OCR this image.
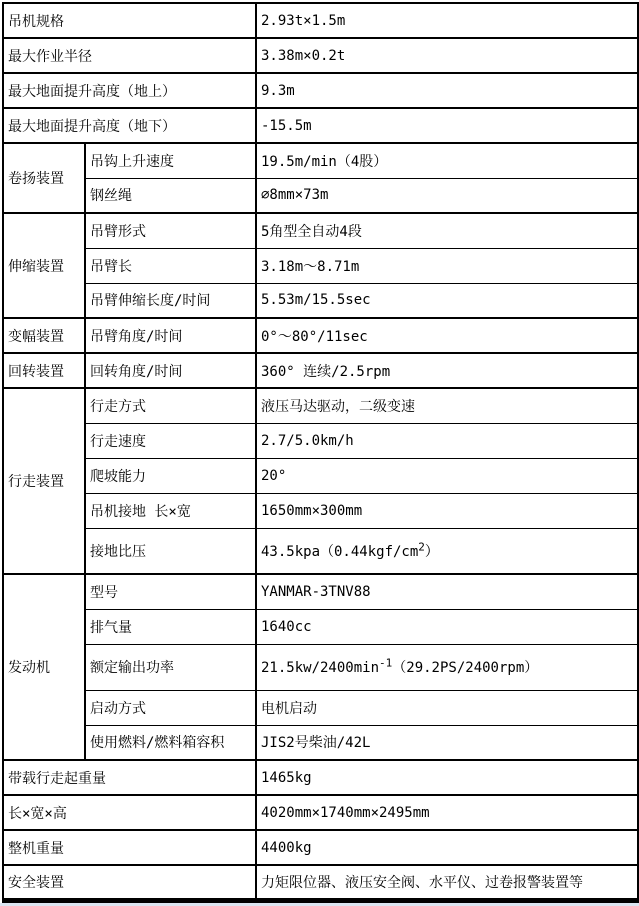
吊机规格		2.93t×1.5m
最大作业半径		3.38m×0.2t
最大地面提升高度（地上）		9.3m
最大地面提升高度（地下）		-15.5m
卷扬装置	吊钩上升速度	19.5m/min（4股）
	钢丝绳	∅8mm×73m
伸缩装置	吊臂形式	5角型全自动4段
	吊臂长	3.18m～8.71m
	吊臂伸缩长度/时间	5.53m/15.5sec
变幅装置	吊臂角度/时间	0°～80°/11sec
回转装置	回转角度/时间	360° 连续/2.5rpm
行走装置	行走方式	液压马达驱动，二级变速
	行走速度	2.7/5.0km/h
	爬坡能力	20°
	吊机接地 长×宽	1650mm×300mm
	接地比压	$43.5kpa(0.44kgf/cm^2)$
发动机	型号	YANMAR-3TNV88
	排气量	1640cc
	额定输出功率	$21.5kw/2400\min^{-1}(29.2PS/2400rpm)$
	启动方式	电机启动
	使用燃料/燃料箱容积	JIS2号柴油/42L
带载行走起重量		1465kg
长×宽×高		4020mm×1740mm×2495mm
整机重量		4400kg
安全装置		力矩限位器、液压安全阀、水平仪、过卷报警装置等
